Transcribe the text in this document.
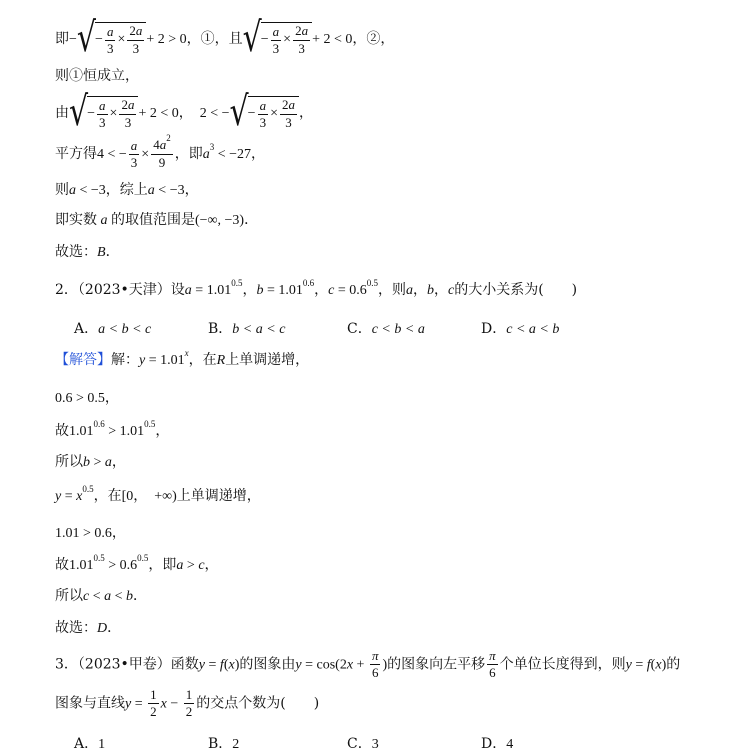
即− √ − $\frac{a}{3} \times \frac{2a}{3} + 2 > 0$，①，且 √ − $\frac{a}{3} \times \frac{2a}{3} + 2 < 0$，②，
则①恒成立，
由 √ − $\frac{a}{3} \times \frac{2a}{3} + 2 < 0$，  2 < − √ − $\frac{a}{3} \times \frac{2a}{3}$ ，
平方得4 < − $\frac{a}{3} \times \frac{4a^2}{9}$ ，即$a^3 < -27$，
则a < −3，综上a < −3，
即实数 a 的取值范围是(−∞, −3)．
故选：B．
2．（2023•天津）设$a = 1.01^{0.5}$，$b = 1.01^{0.6}$，$c = 0.6^{0.5}$，则a，b，c的大小关系为(　　)
A．a < b < c	B．b < a < c	C．c < b < a	D．c < a < b
【解答】解：$y = 1.01^x$，在R上单调递增，
0.6 > 0.5，
故$1.01^{0.6} > 1.01^{0.5}$，
所以b > a，
$y = x^{0.5}$，在[0，  +∞)上单调递增，
1.01 > 0.6，
故$1.01^{0.5} > 0.6^{0.5}$，即a > c，
所以c < a < b．
故选：D．
3．（2023•甲卷）函数y = f(x)的图象由$y = \cos(2x + \frac{\pi}{6}$ )的图象向左平移 $\frac{\pi}{6}$ 个单位长度得到，则y = f(x)的
图象与直线$y = \frac{1}{2}$ $x - \frac{1}{2}$ 的交点个数为(　　)
A．1	B．2	C．3	D．4
